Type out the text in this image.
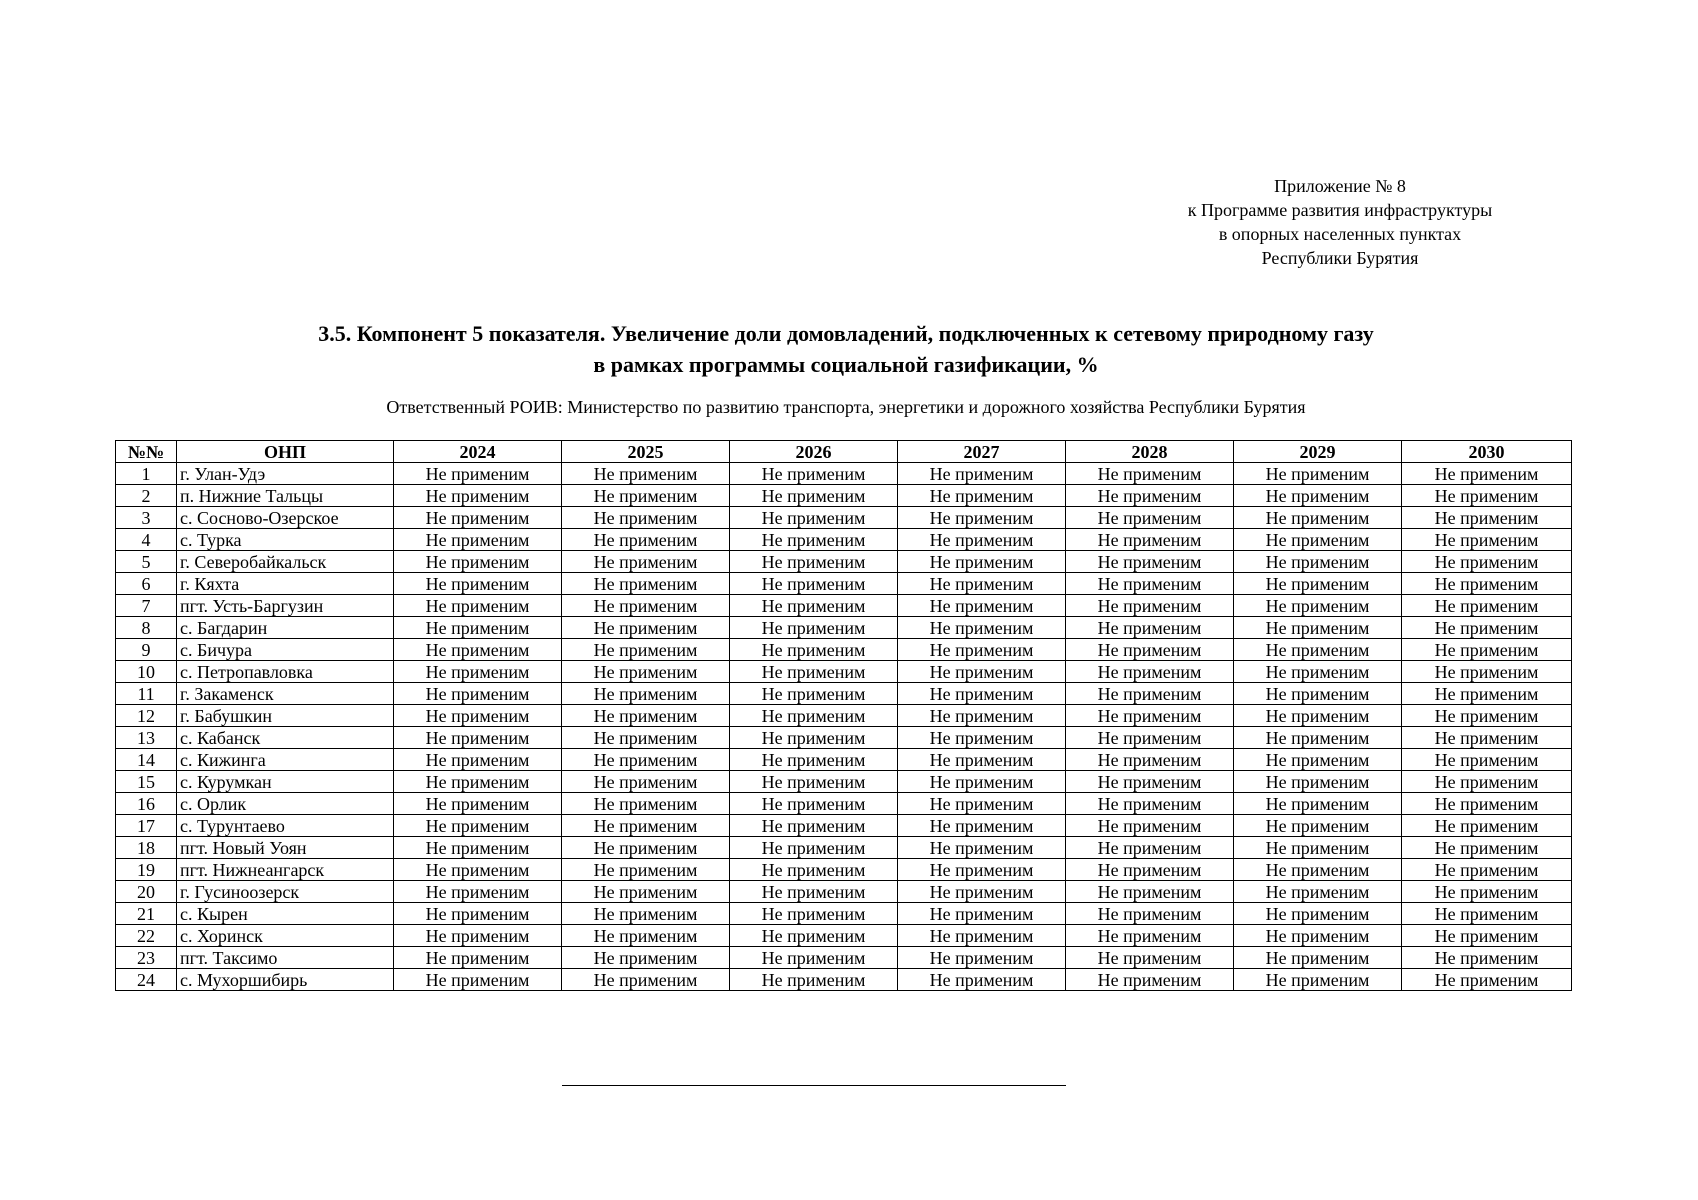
Приложение № 8
к Программе развития инфраструктуры
в опорных населенных пунктах
Республики Бурятия
3.5. Компонент 5 показателя. Увеличение доли домовладений, подключенных к сетевому природному газу
в рамках программы социальной газификации, %
Ответственный РОИВ: Министерство по развитию транспорта, энергетики и дорожного хозяйства Республики Бурятия
№№	ОНП	2024	2025	2026	2027	2028	2029	2030
1	г. Улан-Удэ	Не применим	Не применим	Не применим	Не применим	Не применим	Не применим	Не применим
2	п. Нижние Тальцы	Не применим	Не применим	Не применим	Не применим	Не применим	Не применим	Не применим
3	с. Сосново-Озерское	Не применим	Не применим	Не применим	Не применим	Не применим	Не применим	Не применим
4	с. Турка	Не применим	Не применим	Не применим	Не применим	Не применим	Не применим	Не применим
5	г. Северобайкальск	Не применим	Не применим	Не применим	Не применим	Не применим	Не применим	Не применим
6	г. Кяхта	Не применим	Не применим	Не применим	Не применим	Не применим	Не применим	Не применим
7	пгт. Усть-Баргузин	Не применим	Не применим	Не применим	Не применим	Не применим	Не применим	Не применим
8	с. Багдарин	Не применим	Не применим	Не применим	Не применим	Не применим	Не применим	Не применим
9	с. Бичура	Не применим	Не применим	Не применим	Не применим	Не применим	Не применим	Не применим
10	с. Петропавловка	Не применим	Не применим	Не применим	Не применим	Не применим	Не применим	Не применим
11	г. Закаменск	Не применим	Не применим	Не применим	Не применим	Не применим	Не применим	Не применим
12	г. Бабушкин	Не применим	Не применим	Не применим	Не применим	Не применим	Не применим	Не применим
13	с. Кабанск	Не применим	Не применим	Не применим	Не применим	Не применим	Не применим	Не применим
14	с. Кижинга	Не применим	Не применим	Не применим	Не применим	Не применим	Не применим	Не применим
15	с. Курумкан	Не применим	Не применим	Не применим	Не применим	Не применим	Не применим	Не применим
16	с. Орлик	Не применим	Не применим	Не применим	Не применим	Не применим	Не применим	Не применим
17	с. Турунтаево	Не применим	Не применим	Не применим	Не применим	Не применим	Не применим	Не применим
18	пгт. Новый Уоян	Не применим	Не применим	Не применим	Не применим	Не применим	Не применим	Не применим
19	пгт. Нижнеангарск	Не применим	Не применим	Не применим	Не применим	Не применим	Не применим	Не применим
20	г. Гусиноозерск	Не применим	Не применим	Не применим	Не применим	Не применим	Не применим	Не применим
21	с. Кырен	Не применим	Не применим	Не применим	Не применим	Не применим	Не применим	Не применим
22	с. Хоринск	Не применим	Не применим	Не применим	Не применим	Не применим	Не применим	Не применим
23	пгт. Таксимо	Не применим	Не применим	Не применим	Не применим	Не применим	Не применим	Не применим
24	с. Мухоршибирь	Не применим	Не применим	Не применим	Не применим	Не применим	Не применим	Не применим
